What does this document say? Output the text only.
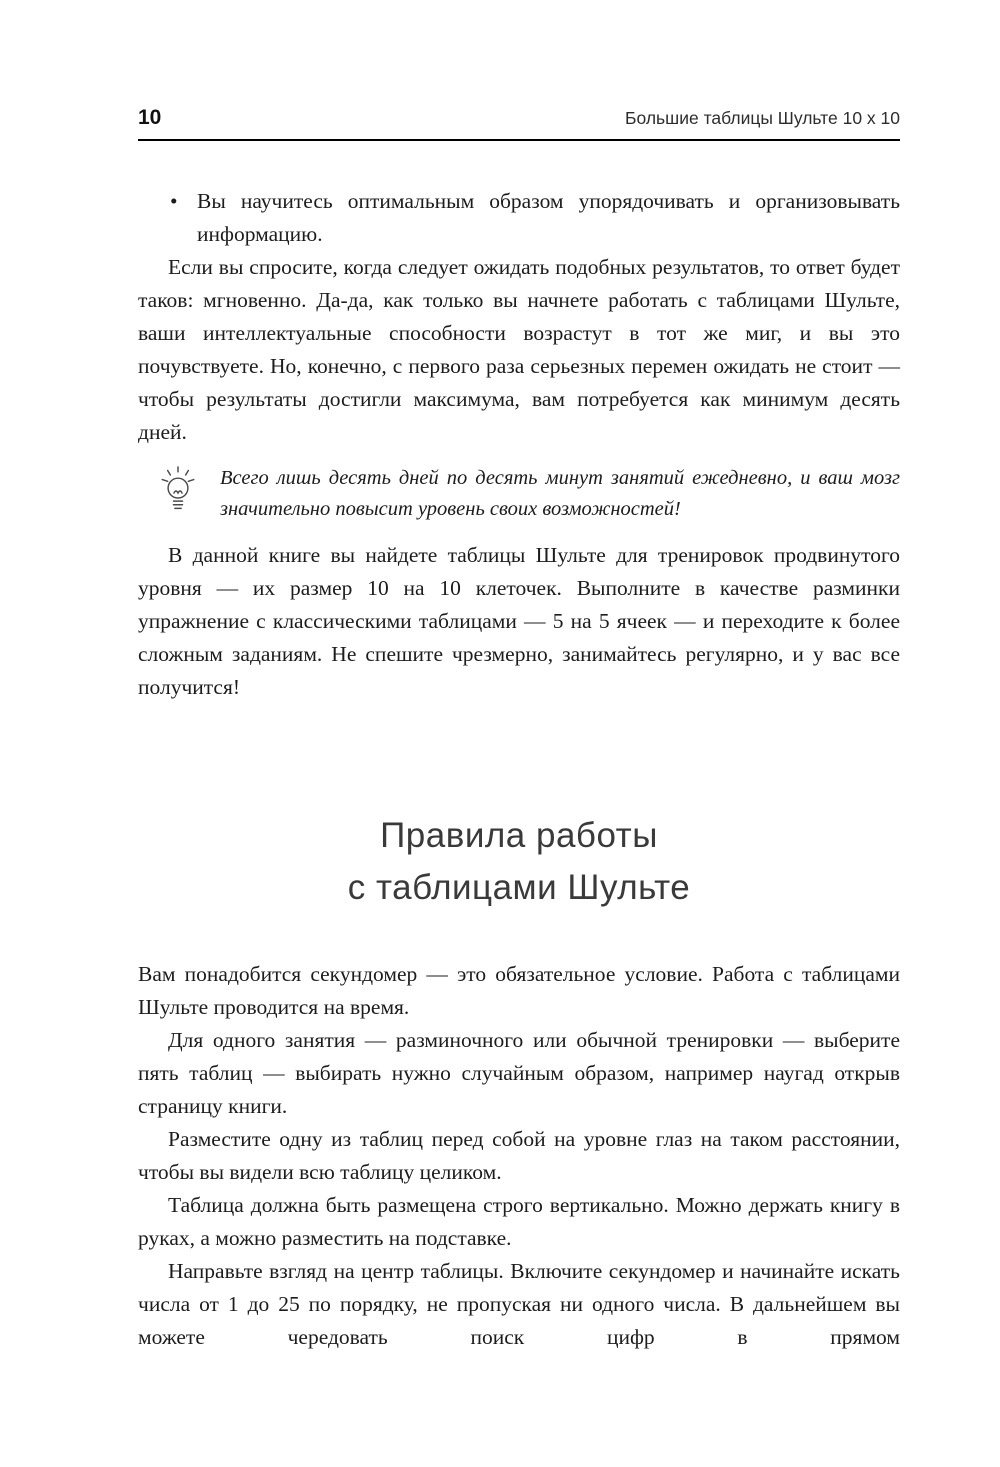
10	Большие таблицы Шульте 10 х 10

• Вы научитесь оптимальным образом упорядочивать и организовывать информацию.

Если вы спросите, когда следует ожидать подобных результатов, то ответ будет таков: мгновенно. Да-да, как только вы начнете работать с таблицами Шульте, ваши интеллектуальные способности возрастут в тот же миг, и вы это почувствуете. Но, конечно, с первого раза серьезных перемен ожидать не стоит — чтобы результаты достигли максимума, вам потребуется как минимум десять дней.

Всего лишь десять дней по десять минут занятий ежедневно, и ваш мозг значительно повысит уровень своих возможностей!

В данной книге вы найдете таблицы Шульте для тренировок продвинутого уровня — их размер 10 на 10 клеточек. Выполните в качестве разминки упражнение с классическими таблицами — 5 на 5 ячеек — и переходите к более сложным заданиям. Не спешите чрезмерно, занимайтесь регулярно, и у вас все получится!

Правила работы
с таблицами Шульте

Вам понадобится секундомер — это обязательное условие. Работа с таблицами Шульте проводится на время.

Для одного занятия — разминочного или обычной тренировки — выберите пять таблиц — выбирать нужно случайным образом, например наугад открыв страницу книги.

Разместите одну из таблиц перед собой на уровне глаз на таком расстоянии, чтобы вы видели всю таблицу целиком.

Таблица должна быть размещена строго вертикально. Можно держать книгу в руках, а можно разместить на подставке.

Направьте взгляд на центр таблицы. Включите секундомер и начинайте искать числа от 1 до 25 по порядку, не пропуская ни одного числа. В дальнейшем вы можете чередовать поиск цифр в прямом
